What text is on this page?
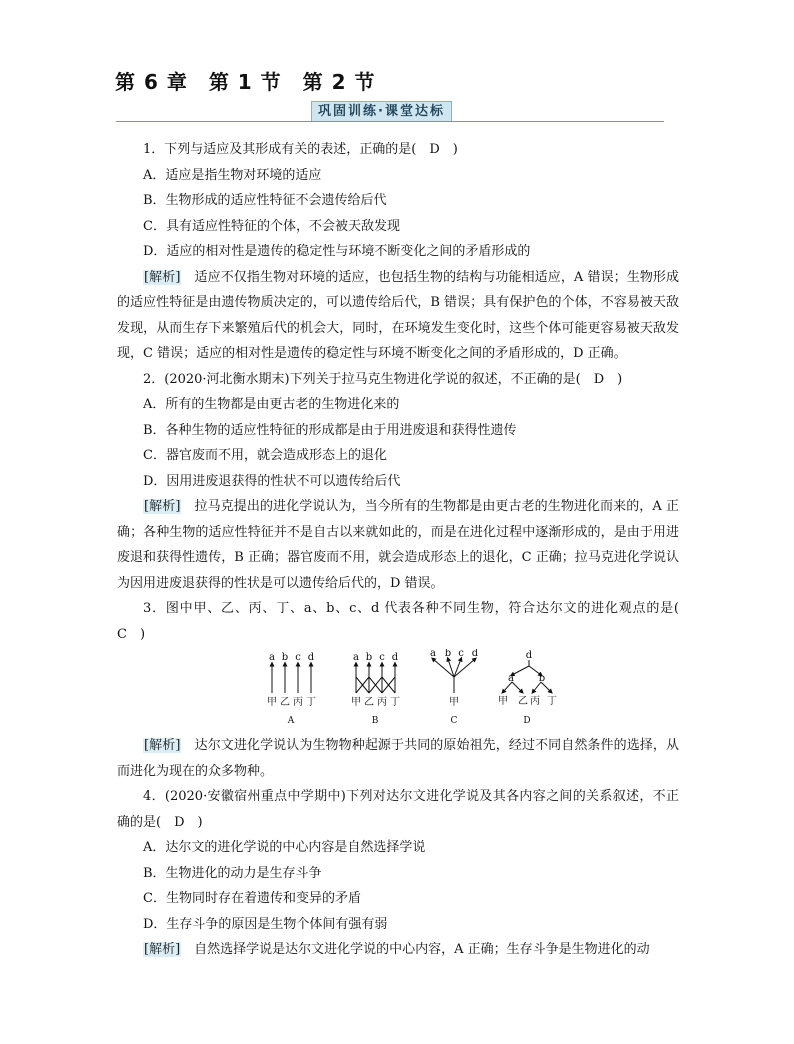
第 6 章　第 1 节　第 2 节
巩固训练·课堂达标

1．下列与适应及其形成有关的表述，正确的是(　D　)

A．适应是指生物对环境的适应

B．生物形成的适应性特征不会遗传给后代

C．具有适应性特征的个体，不会被天敌发现

D．适应的相对性是遗传的稳定性与环境不断变化之间的矛盾形成的

[解析]　适应不仅指生物对环境的适应，也包括生物的结构与功能相适应，A 错误；生物形成的适应性特征是由遗传物质决定的，可以遗传给后代，B 错误；具有保护色的个体，不容易被天敌发现，从而生存下来繁殖后代的机会大，同时，在环境发生变化时，这些个体可能更容易被天敌发现，C 错误；适应的相对性是遗传的稳定性与环境不断变化之间的矛盾形成的，D 正确。

2．(2020·河北衡水期末)下列关于拉马克生物进化学说的叙述，不正确的是(　D　)

A．所有的生物都是由更古老的生物进化来的

B．各种生物的适应性特征的形成都是由于用进废退和获得性遗传

C．器官废而不用，就会造成形态上的退化

D．因用进废退获得的性状不可以遗传给后代

[解析]　拉马克提出的进化学说认为，当今所有的生物都是由更古老的生物进化而来的，A 正确；各种生物的适应性特征并不是自古以来就如此的，而是在进化过程中逐渐形成的，是由于用进废退和获得性遗传，B 正确；器官废而不用，就会造成形态上的退化，C 正确；拉马克进化学说认为因用进废退获得的性状是可以遗传给后代的，D 错误。

3．图中甲、乙、丙、丁、a、b、c、d 代表各种不同生物，符合达尔文的进化观点的是(　C　)

a b c d
甲 乙 丙 丁
A
a b c d
甲 乙 丙 丁
B
a b c d
甲
C
d
a b
甲 乙 丙 丁
D

[解析]　达尔文进化学说认为生物物种起源于共同的原始祖先，经过不同自然条件的选择，从而进化为现在的众多物种。

4．(2020·安徽宿州重点中学期中)下列对达尔文进化学说及其各内容之间的关系叙述，不正确的是(　D　)

A．达尔文的进化学说的中心内容是自然选择学说

B．生物进化的动力是生存斗争

C．生物同时存在着遗传和变异的矛盾

D．生存斗争的原因是生物个体间有强有弱

[解析]　自然选择学说是达尔文进化学说的中心内容，A 正确；生存斗争是生物进化的动
